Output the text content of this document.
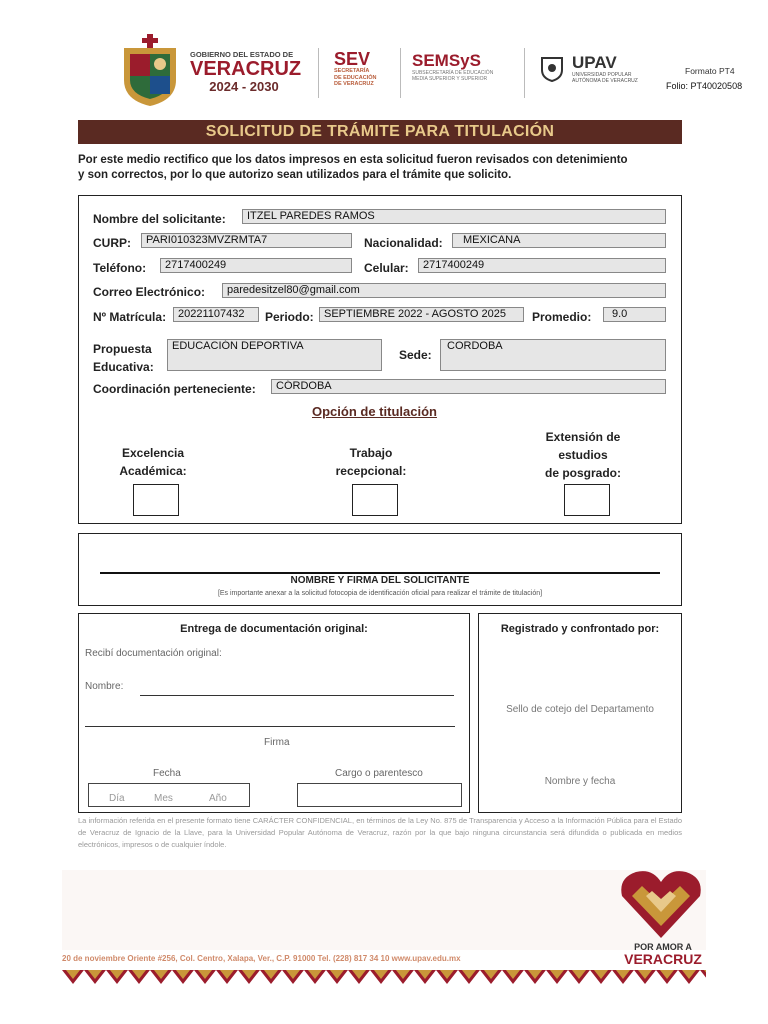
GOBIERNO DEL ESTADO DE
VERACRUZ
2024 - 2030
SEV
SECRETARÍA
DE EDUCACIÓN
DE VERACRUZ
SEMSyS
SUBSECRETARÍA DE EDUCACIÓN
MEDIA SUPERIOR Y SUPERIOR
UPAV
UNIVERSIDAD POPULAR
AUTÓNOMA DE VERACRUZ
Formato PT4
Folio: PT40020508
SOLICITUD DE TRÁMITE PARA TITULACIÓN
Por este medio rectifico que los datos impresos en esta solicitud fueron revisados con detenimiento
y son correctos, por lo que autorizo sean utilizados para el trámite que solicito.
Nombre del solicitante:	ITZEL PAREDES RAMOS
CURP:	PARI010323MVZRMTA7	Nacionalidad:	MEXICANA
Teléfono:	2717400249	Celular:	2717400249
Correo Electrónico:	paredesitzel80@gmail.com
Nº Matrícula:	20221107432	Periodo: SEPTIEMBRE 2022 - AGOSTO 2025	Promedio:	9.0
Propuesta
Educativa:
EDUCACIÓN DEPORTIVA
Sede:
CORDOBA
Coordinación perteneciente:	CÓRDOBA
Opción de titulación
Excelencia
Académica:
Trabajo
recepcional:
Extensión de
estudios
de posgrado:
NOMBRE Y FIRMA DEL SOLICITANTE
[Es importante anexar a la solicitud fotocopia de identificación oficial para realizar el trámite de titulación]
Entrega de documentación original:
Recibí documentación original:
Nombre:
Firma
Fecha	Cargo o parentesco
Día	Mes	Año
Registrado y confrontado por:
Sello de cotejo del Departamento
Nombre y fecha
La información referida en el presente formato tiene CARÁCTER CONFIDENCIAL, en términos de la Ley No. 875 de Transparencia y Acceso a la Información Pública para el Estado de Veracruz de Ignacio de la Llave, para la Universidad Popular Autónoma de Veracruz, razón por la que bajo ninguna circunstancia será difundida o publicada en medios electrónicos, impresos o de cualquier índole.
POR AMOR A
VERACRUZ
20 de noviembre Oriente #256, Col. Centro, Xalapa, Ver., C.P. 91000 Tel. (228) 817 34 10 www.upav.edu.mx
